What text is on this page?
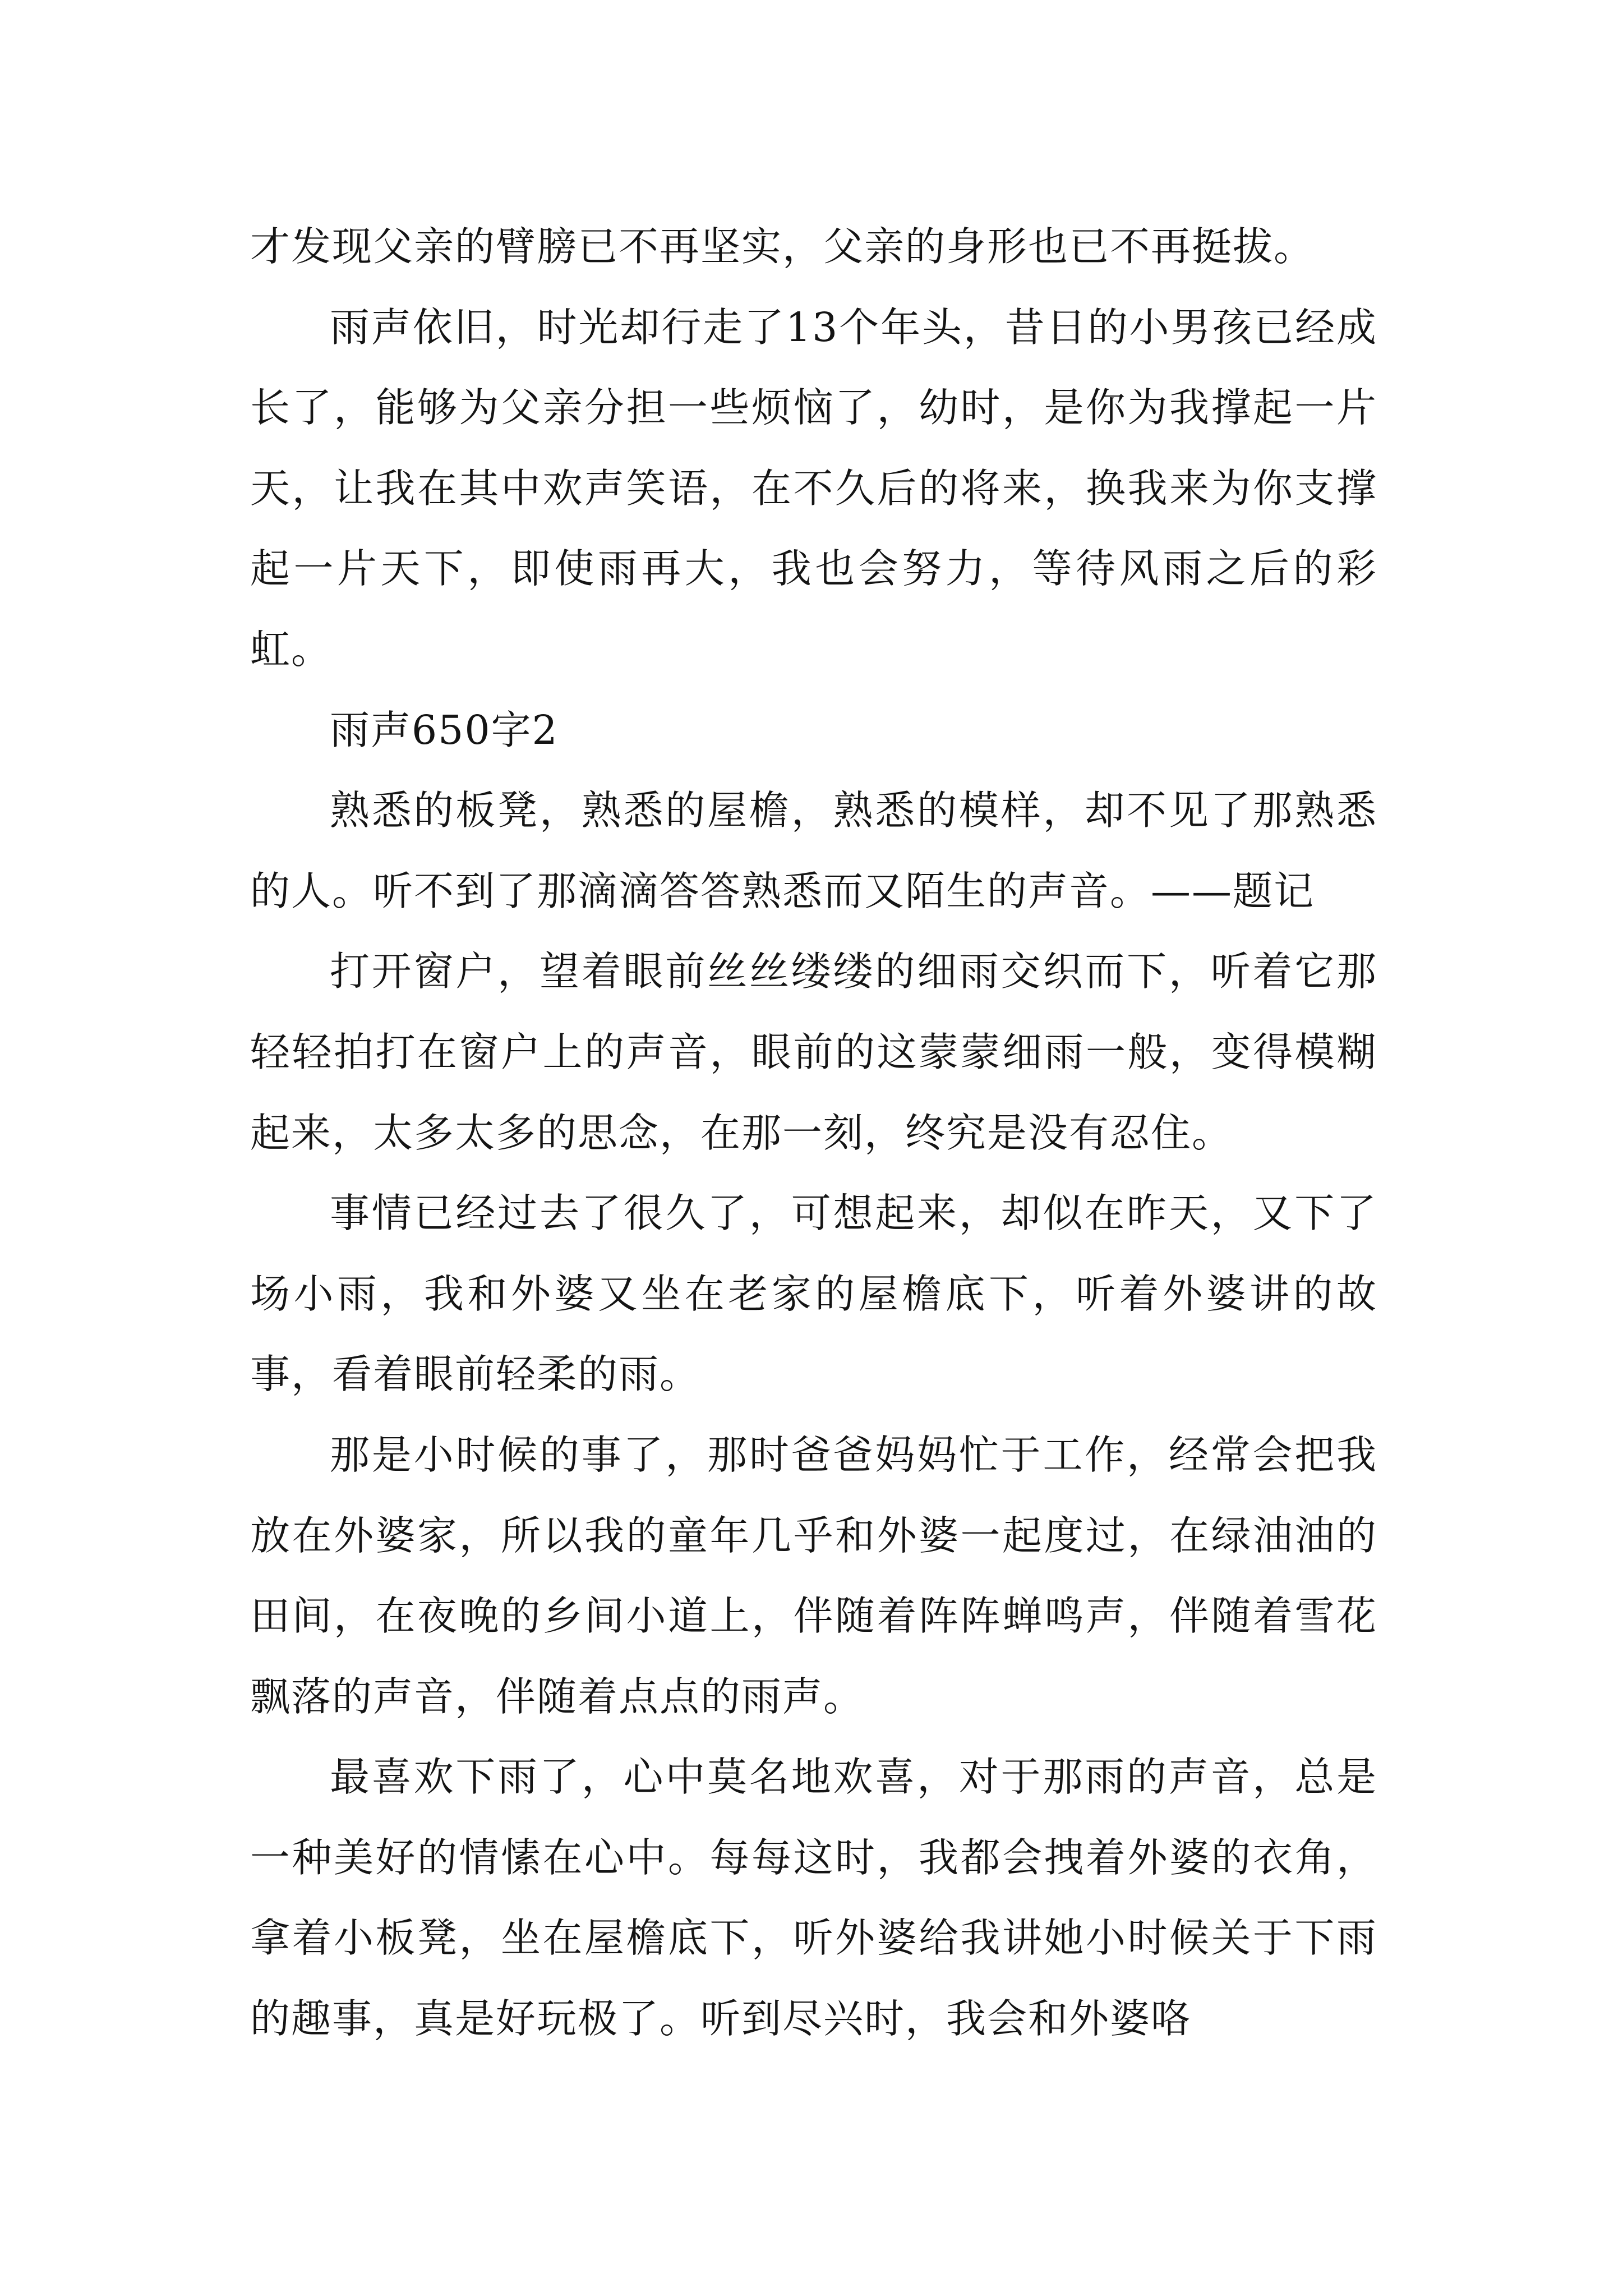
才发现父亲的臂膀已不再坚实，父亲的身形也已不再挺拔。

雨声依旧，时光却行走了13个年头，昔日的小男孩已经成长了，能够为父亲分担一些烦恼了，幼时，是你为我撑起一片天，让我在其中欢声笑语，在不久后的将来，换我来为你支撑起一片天下，即使雨再大，我也会努力，等待风雨之后的彩虹。

雨声650字2

熟悉的板凳，熟悉的屋檐，熟悉的模样，却不见了那熟悉的人。听不到了那滴滴答答熟悉而又陌生的声音。——题记

打开窗户，望着眼前丝丝缕缕的细雨交织而下，听着它那轻轻拍打在窗户上的声音，眼前的这蒙蒙细雨一般，变得模糊起来，太多太多的思念，在那一刻，终究是没有忍住。

事情已经过去了很久了，可想起来，却似在昨天，又下了场小雨，我和外婆又坐在老家的屋檐底下，听着外婆讲的故事，看着眼前轻柔的雨。

那是小时候的事了，那时爸爸妈妈忙于工作，经常会把我放在外婆家，所以我的童年几乎和外婆一起度过，在绿油油的田间，在夜晚的乡间小道上，伴随着阵阵蝉鸣声，伴随着雪花飘落的声音，伴随着点点的雨声。

最喜欢下雨了，心中莫名地欢喜，对于那雨的声音，总是一种美好的情愫在心中。每每这时，我都会拽着外婆的衣角，拿着小板凳，坐在屋檐底下，听外婆给我讲她小时候关于下雨的趣事，真是好玩极了。听到尽兴时，我会和外婆咯
